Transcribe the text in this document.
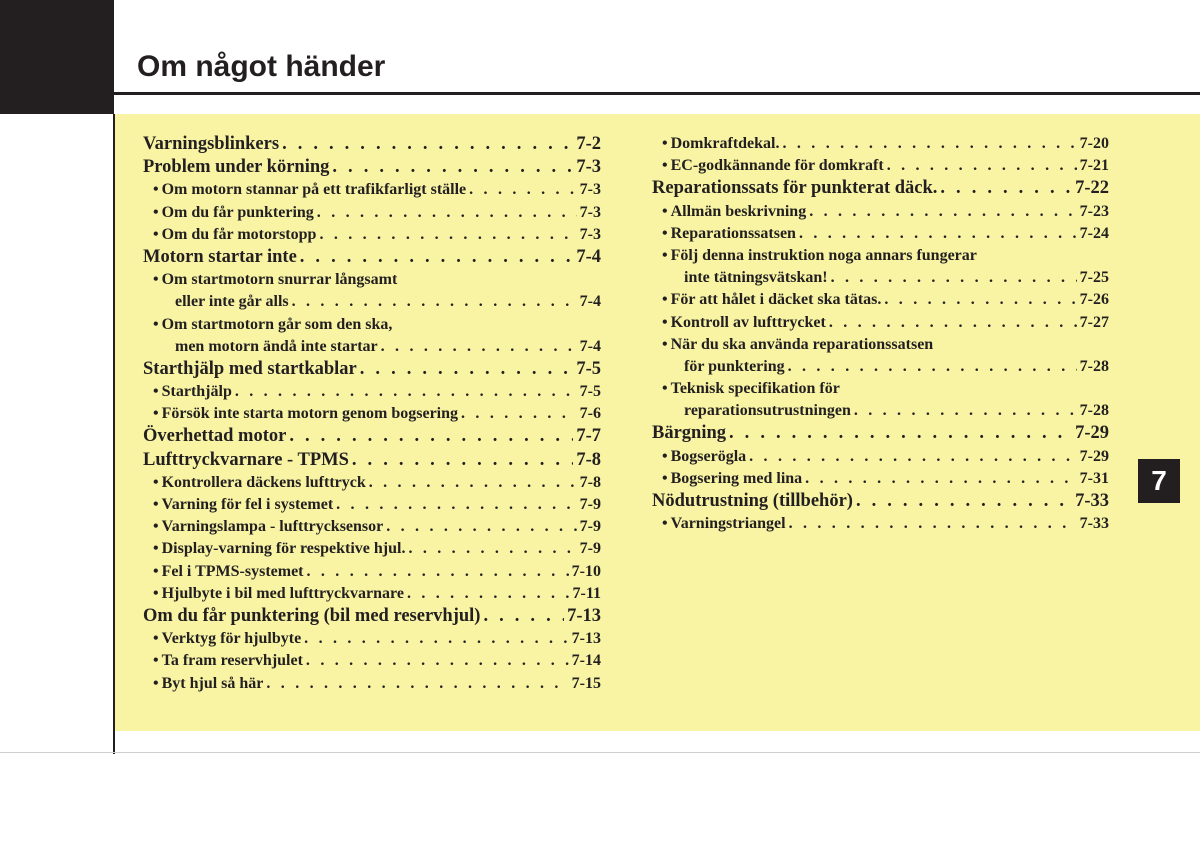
Om något händer
Varningsblinkers . . .	7-2
Problem under körning . . .	7-3
• Om motorn stannar på ett trafikfarligt ställe . . .	7-3
• Om du får punktering . . .	7-3
• Om du får motorstopp . . .	7-3
Motorn startar inte . . .	7-4
• Om startmotorn snurrar långsamt
eller inte går alls . . .	7-4
• Om startmotorn går som den ska,
men motorn ändå inte startar . . .	7-4
Starthjälp med startkablar . . .	7-5
• Starthjälp . . .	7-5
• Försök inte starta motorn genom bogsering . . .	7-6
Överhettad motor . . .	7-7
Lufttryckvarnare - TPMS . . .	7-8
• Kontrollera däckens lufttryck . . .	7-8
• Varning för fel i systemet . . .	7-9
• Varningslampa - lufttrycksensor . . .	7-9
• Display-varning för respektive hjul. . . .	7-9
• Fel i TPMS-systemet . . .	7-10
• Hjulbyte i bil med lufttryckvarnare . . .	7-11
Om du får punktering (bil med reservhjul) . . .	7-13
• Verktyg för hjulbyte . . .	7-13
• Ta fram reservhjulet . . .	7-14
• Byt hjul så här . . .	7-15
• Domkraftdekal. . . .	7-20
• EC-godkännande för domkraft . . .	7-21
Reparationssats för punkterat däck. . . .	7-22
• Allmän beskrivning . . .	7-23
• Reparationssatsen . . .	7-24
• Följ denna instruktion noga annars fungerar
inte tätningsvätskan! . . .	7-25
• För att hålet i däcket ska tätas. . . .	7-26
• Kontroll av lufttrycket . . .	7-27
• När du ska använda reparationssatsen
för punktering . . .	7-28
• Teknisk specifikation för
reparationsutrustningen . . .	7-28
Bärgning . . .	7-29
• Bogserögla . . .	7-29
• Bogsering med lina . . .	7-31
Nödutrustning (tillbehör) . . .	7-33
• Varningstriangel . . .	7-33
7
